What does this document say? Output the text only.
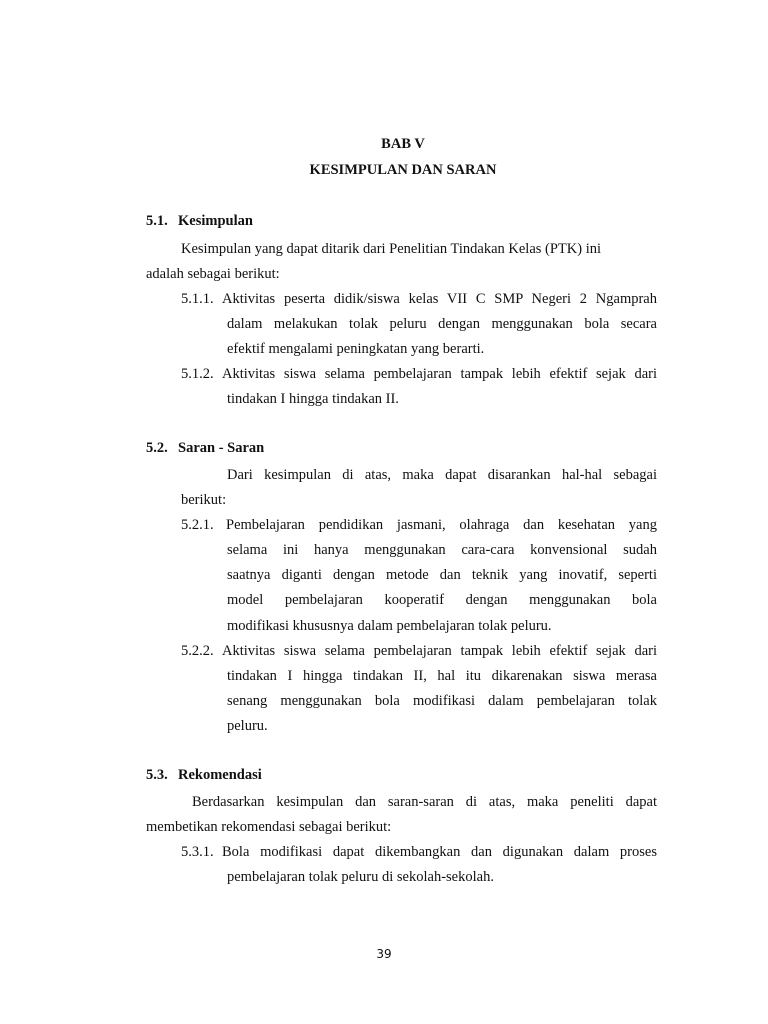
BAB V
KESIMPULAN DAN SARAN
5.1. Kesimpulan
Kesimpulan yang dapat ditarik dari Penelitian Tindakan Kelas (PTK) ini
adalah sebagai berikut:
5.1.1. Aktivitas peserta didik/siswa kelas VII C SMP Negeri 2 Ngamprah
dalam melakukan tolak peluru dengan menggunakan bola secara
efektif mengalami peningkatan yang berarti.
5.1.2. Aktivitas siswa selama pembelajaran tampak lebih efektif sejak dari
tindakan I hingga tindakan II.
5.2. Saran - Saran
Dari kesimpulan di atas, maka dapat disarankan hal-hal sebagai
berikut:
5.2.1. Pembelajaran pendidikan jasmani, olahraga dan kesehatan yang
selama ini hanya menggunakan cara-cara konvensional sudah
saatnya diganti dengan metode dan teknik yang inovatif, seperti
model pembelajaran kooperatif dengan menggunakan bola
modifikasi khususnya dalam pembelajaran tolak peluru.
5.2.2. Aktivitas siswa selama pembelajaran tampak lebih efektif sejak dari
tindakan I hingga tindakan II, hal itu dikarenakan siswa merasa
senang menggunakan bola modifikasi dalam pembelajaran tolak
peluru.
5.3. Rekomendasi
Berdasarkan kesimpulan dan saran-saran di atas, maka peneliti dapat
membetikan rekomendasi sebagai berikut:
5.3.1. Bola modifikasi dapat dikembangkan dan digunakan dalam proses
pembelajaran tolak peluru di sekolah-sekolah.
39
